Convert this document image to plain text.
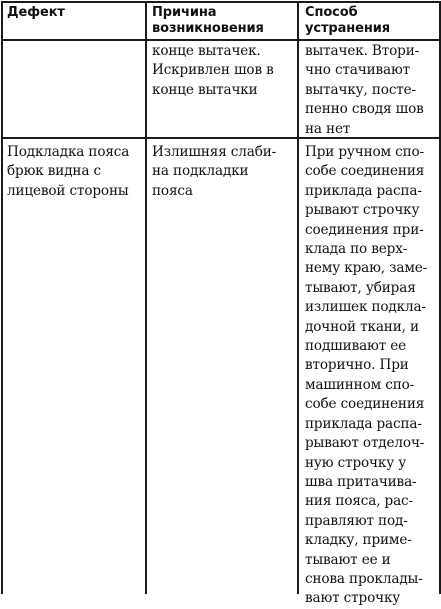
Дефект	Причина
возникновения
Способ
устранения
конце вытачек.
Искривлен шов в
конце вытачки
вытачек. Втори-
чно стачивают
вытачку, посте-
пенно сводя шов
на нет
Подкладка пояса
брюк видна с
лицевой стороны
Излишняя слаби-
на подкладки
пояса
При ручном спо-
собе соединения
приклада распа-
рывают строчку
соединения при-
клада по верх-
нему краю, заме-
тывают, убирая
излишек подкла-
дочной ткани, и
подшивают ее
вторично. При
машинном спо-
собе соединения
приклада распа-
рывают отделоч-
ную строчку у
шва притачива-
ния пояса, рас-
правляют под-
кладку, приме-
тывают ее и
снова проклады-
вают строчку
